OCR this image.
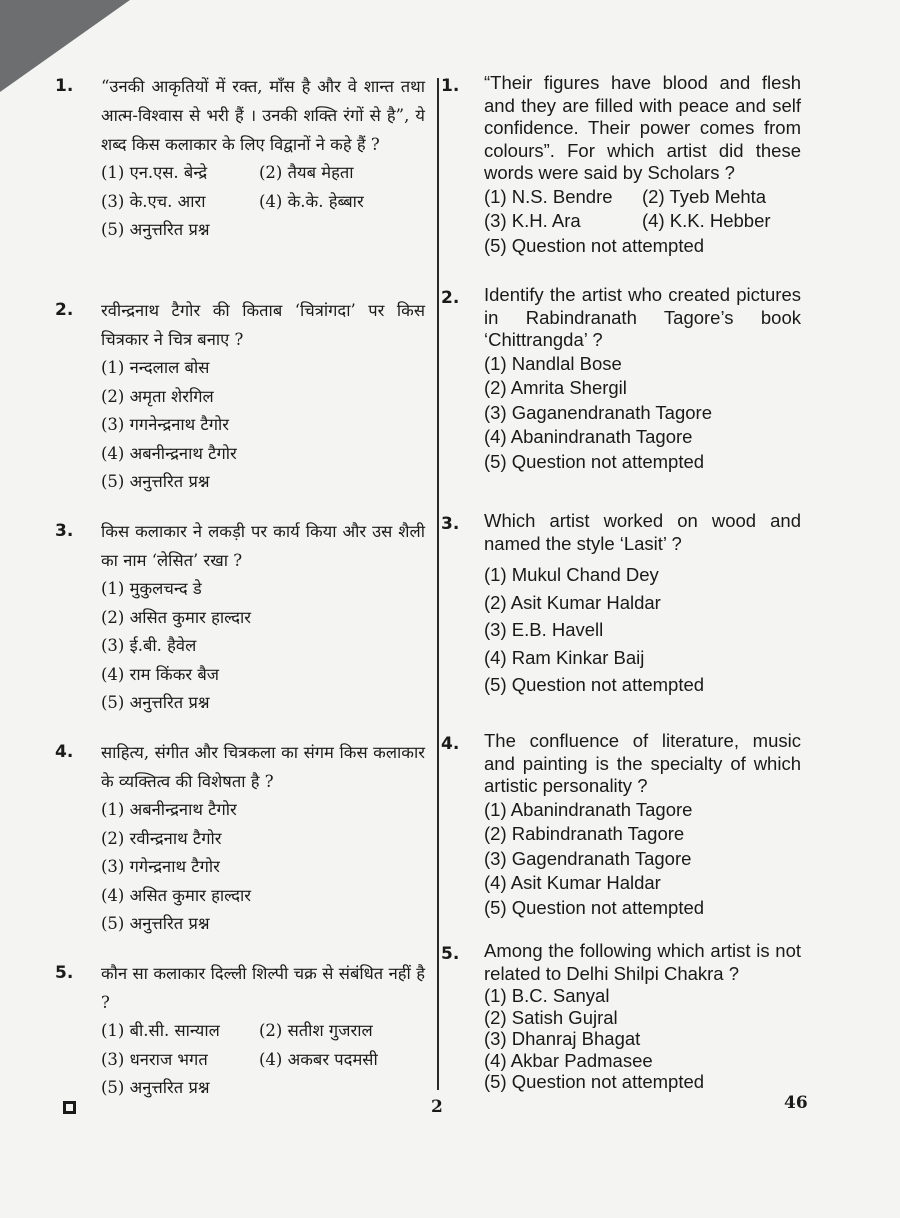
1. “उनकी आकृतियों में रक्त, माँस है और वे शान्त तथा आत्म-विश्वास से भरी हैं । उनकी शक्ति रंगों से है”, ये शब्द किस कलाकार के लिए विद्वानों ने कहे हैं ?
(1) एन.एस. बेन्द्रे	(2) तैयब मेहता
(3) के.एच. आरा	(4) के.के. हेब्बार
(5) अनुत्तरित प्रश्न
2. रवीन्द्रनाथ टैगोर की किताब ‘चित्रांगदा’ पर किस चित्रकार ने चित्र बनाए ?
(1) नन्दलाल बोस
(2) अमृता शेरगिल
(3) गगनेन्द्रनाथ टैगोर
(4) अबनीन्द्रनाथ टैगोर
(5) अनुत्तरित प्रश्न
3. किस कलाकार ने लकड़ी पर कार्य किया और उस शैली का नाम ‘लेसित’ रखा ?
(1) मुकुलचन्द डे
(2) असित कुमार हाल्दार
(3) ई.बी. हैवेल
(4) राम किंकर बैज
(5) अनुत्तरित प्रश्न
4. साहित्य, संगीत और चित्रकला का संगम किस कलाकार के व्यक्तित्व की विशेषता है ?
(1) अबनीन्द्रनाथ टैगोर
(2) रवीन्द्रनाथ टैगोर
(3) गगेन्द्रनाथ टैगोर
(4) असित कुमार हाल्दार
(5) अनुत्तरित प्रश्न
5. कौन सा कलाकार दिल्ली शिल्पी चक्र से संबंधित नहीं है ?
(1) बी.सी. सान्याल	(2) सतीश गुजराल
(3) धनराज भगत	(4) अकबर पदमसी
(5) अनुत्तरित प्रश्न
1. “Their figures have blood and flesh and they are filled with peace and self confidence. Their power comes from colours”. For which artist did these words were said by Scholars ?
(1) N.S. Bendre	(2) Tyeb Mehta
(3) K.H. Ara	(4) K.K. Hebber
(5) Question not attempted
2. Identify the artist who created pictures in Rabindranath Tagore’s book ‘Chittrangda’ ?
(1) Nandlal Bose
(2) Amrita Shergil
(3) Gaganendranath Tagore
(4) Abanindranath Tagore
(5) Question not attempted
3. Which artist worked on wood and named the style ‘Lasit’ ?
(1) Mukul Chand Dey
(2) Asit Kumar Haldar
(3) E.B. Havell
(4) Ram Kinkar Baij
(5) Question not attempted
4. The confluence of literature, music and painting is the specialty of which artistic personality ?
(1) Abanindranath Tagore
(2) Rabindranath Tagore
(3) Gagendranath Tagore
(4) Asit Kumar Haldar
(5) Question not attempted
5. Among the following which artist is not related to Delhi Shilpi Chakra ?
(1) B.C. Sanyal
(2) Satish Gujral
(3) Dhanraj Bhagat
(4) Akbar Padmasee
(5) Question not attempted
2	46
